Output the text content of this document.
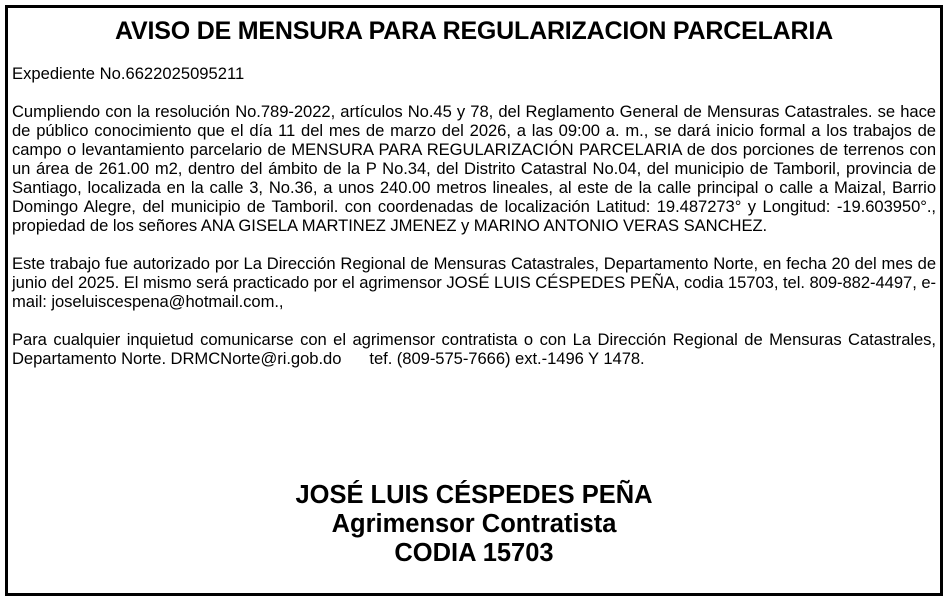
AVISO DE MENSURA PARA REGULARIZACION PARCELARIA

Expediente No.6622025095211

Cumpliendo con la resolución No.789-2022, artículos No.45 y 78, del Reglamento General de Mensuras Catastrales. se hace de público conocimiento que el día 11 del mes de marzo del 2026, a las 09:00 a. m., se dará inicio formal a los trabajos de campo o levantamiento parcelario de MENSURA PARA REGULARIZACIÓN PARCELARIA de dos porciones de terrenos con un área de 261.00 m2, dentro del ámbito de la P No.34, del Distrito Catastral No.04, del municipio de Tamboril, provincia de Santiago, localizada en la calle 3, No.36, a unos 240.00 metros lineales, al este de la calle principal o calle a Maizal, Barrio Domingo Alegre, del municipio de Tamboril. con coordenadas de localización Latitud: 19.487273° y Longitud: -19.603950°., propiedad de los señores ANA GISELA MARTINEZ JMENEZ y MARINO ANTONIO VERAS SANCHEZ.

Este trabajo fue autorizado por La Dirección Regional de Mensuras Catastrales, Departamento Norte, en fecha 20 del mes de junio del 2025. El mismo será practicado por el agrimensor JOSÉ LUIS CÉSPEDES PEÑA, codia 15703, tel. 809-882-4497, e-mail: joseluiscespena@hotmail.com.,

Para cualquier inquietud comunicarse con el agrimensor contratista o con La Dirección Regional de Mensuras Catastrales, Departamento Norte. DRMCNorte@ri.gob.do tef. (809-575-7666) ext.-1496 Y 1478.

JOSÉ LUIS CÉSPEDES PEÑA

Agrimensor Contratista

CODIA 15703
